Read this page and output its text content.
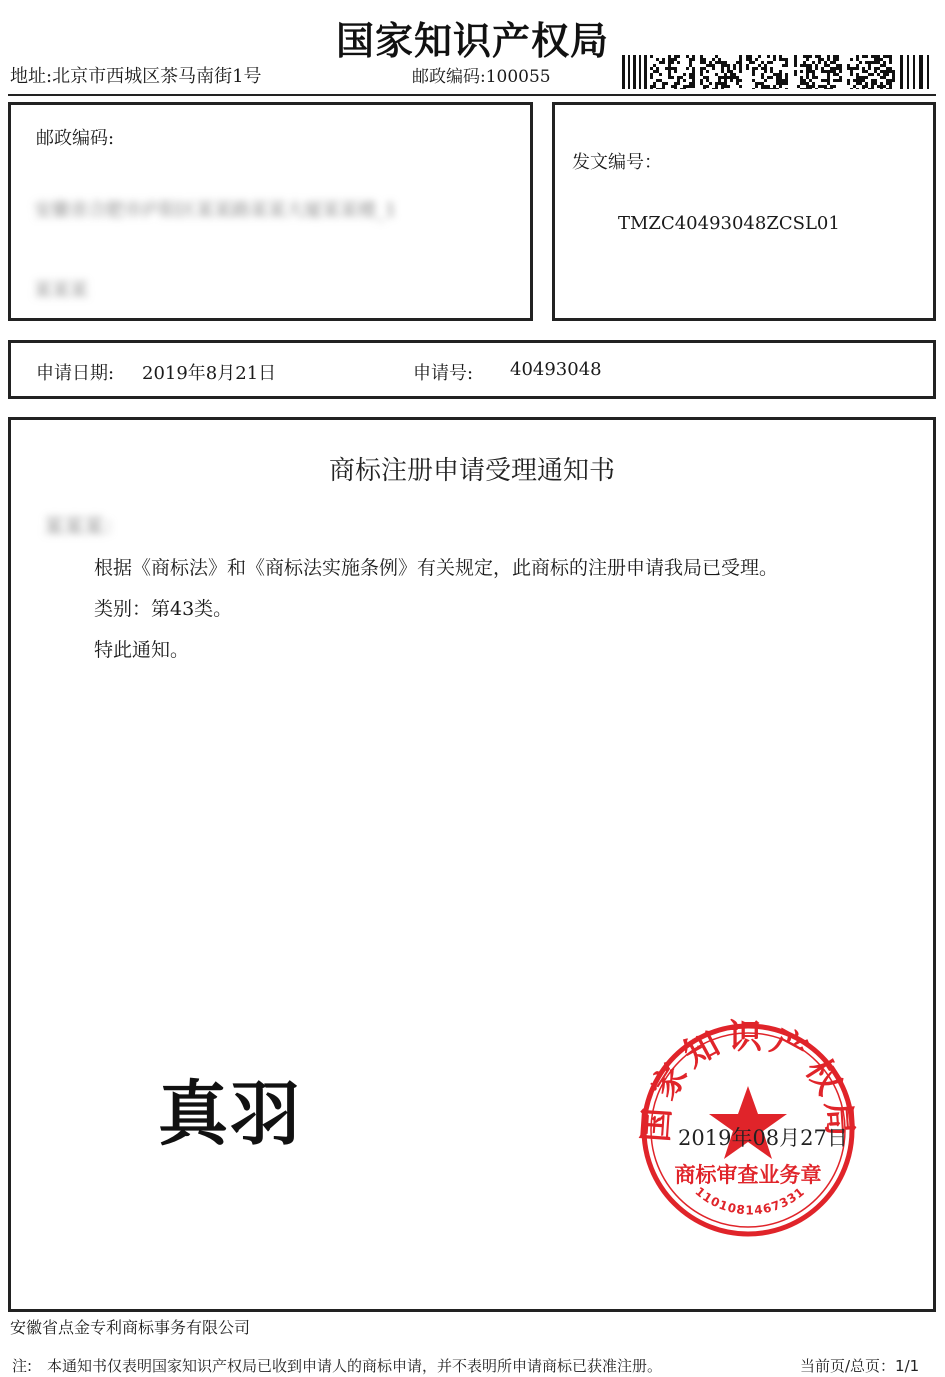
国家知识产权局
地址:北京市西城区茶马南街1号	邮政编码:100055
邮政编码:
安徽省合肥市庐阳区某某路某某大厦某某楼_1
某某某
发文编号：
TMZC40493048ZCSL01
申请日期: 2019年8月21日	申请号: 40493048
商标注册申请受理通知书
某某某：
根据《商标法》和《商标法实施条例》有关规定，此商标的注册申请我局已受理。
类别：第43类。
特此通知。
真羽	国家知识产权局
商标审查业务章
1101081467331
2019年08月27日
安徽省点金专利商标事务有限公司
注:　本通知书仅表明国家知识产权局已收到申请人的商标申请，并不表明所申请商标已获准注册。	当前页/总页：1/1
